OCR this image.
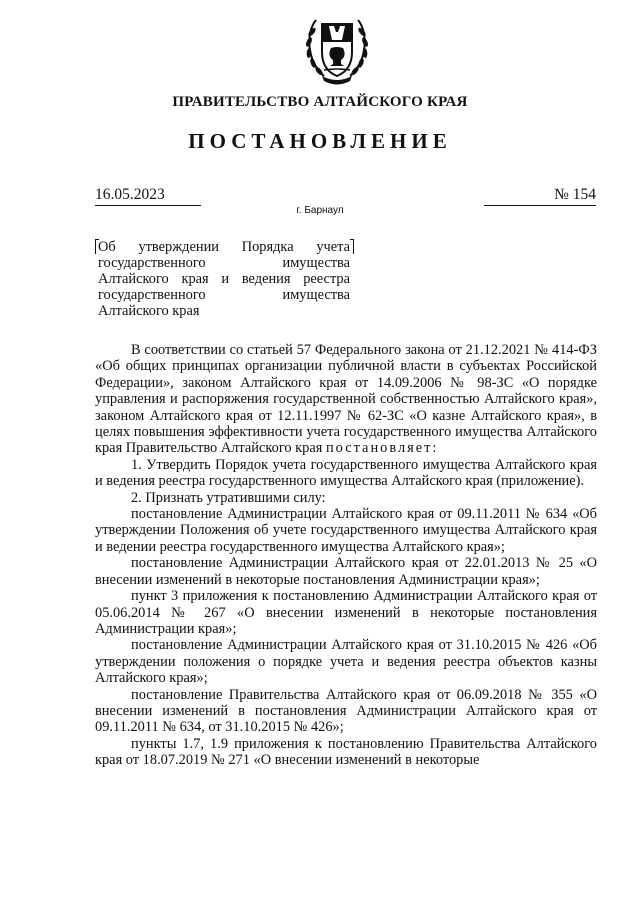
ПРАВИТЕЛЬСТВО АЛТАЙСКОГО КРАЯ
ПОСТАНОВЛЕНИЕ
16.05.2023	№ 154
г. Барнаул
Об утверждении Порядка учета государственного имущества Алтайского края и ведения реестра государственного имущества Алтайского края

В соответствии со статьей 57 Федерального закона от 21.12.2021 № 414-ФЗ «Об общих принципах организации публичной власти в субъектах Российской Федерации», законом Алтайского края от 14.09.2006 № 98-ЗС «О порядке управления и распоряжения государственной собственностью Алтайского края», законом Алтайского края от 12.11.1997 № 62-ЗС «О казне Алтайского края», в целях повышения эффективности учета государственного имущества Алтайского края Правительство Алтайского края постановляет:

1. Утвердить Порядок учета государственного имущества Алтайского края и ведения реестра государственного имущества Алтайского края (приложение).

2. Признать утратившими силу:

постановление Администрации Алтайского края от 09.11.2011 № 634 «Об утверждении Положения об учете государственного имущества Алтайского края и ведении реестра государственного имущества Алтайского края»;

постановление Администрации Алтайского края от 22.01.2013 № 25 «О внесении изменений в некоторые постановления Администрации края»;

пункт 3 приложения к постановлению Администрации Алтайского края от 05.06.2014 № 267 «О внесении изменений в некоторые постановления Администрации края»;

постановление Администрации Алтайского края от 31.10.2015 № 426 «Об утверждении положения о порядке учета и ведения реестра объектов казны Алтайского края»;

постановление Правительства Алтайского края от 06.09.2018 № 355 «О внесении изменений в постановления Администрации Алтайского края от 09.11.2011 № 634, от 31.10.2015 № 426»;

пункты 1.7, 1.9 приложения к постановлению Правительства Алтайского края от 18.07.2019 № 271 «О внесении изменений в некоторые
